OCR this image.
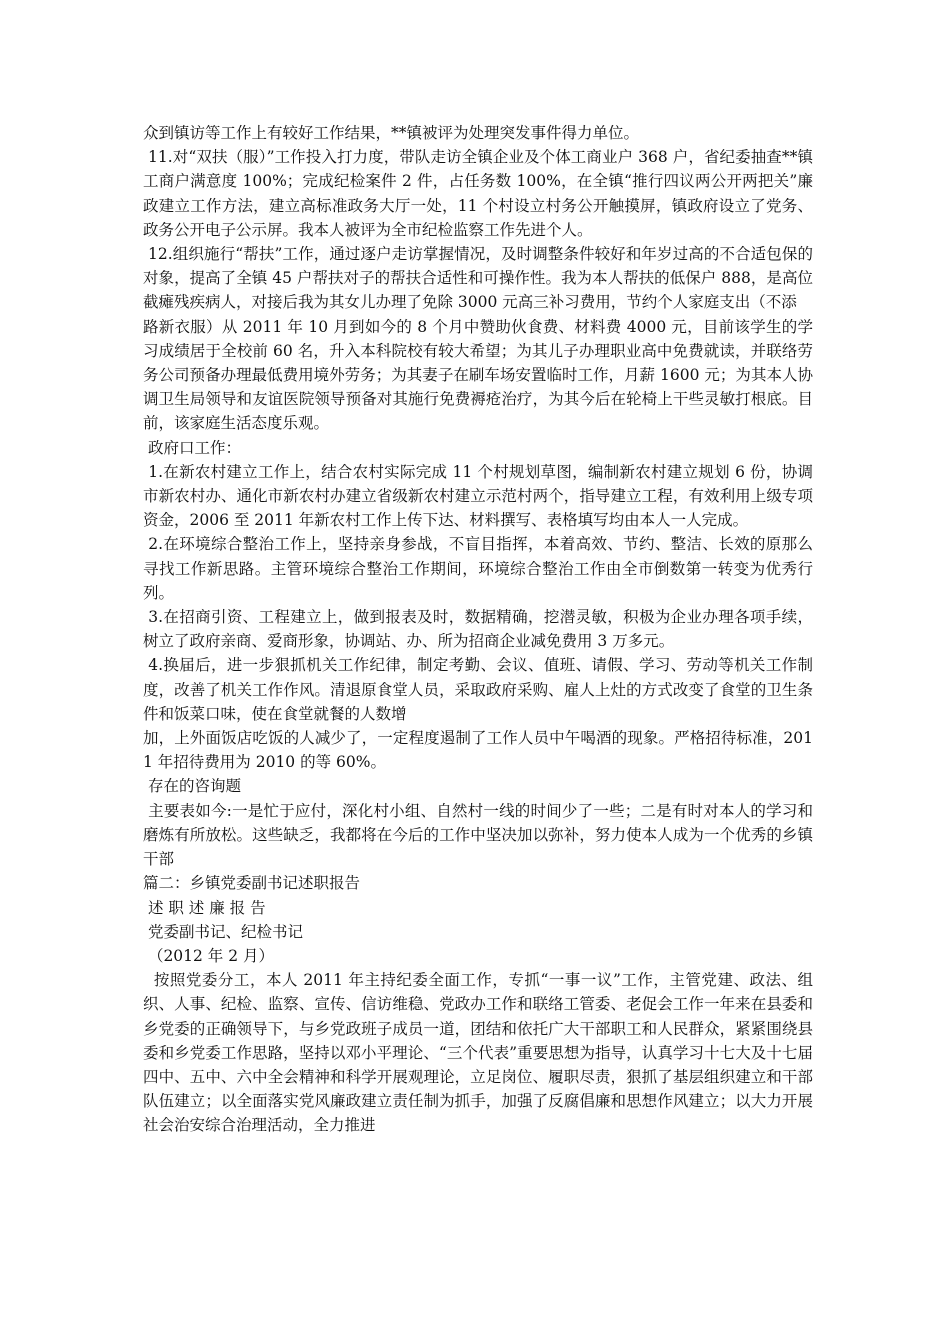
众到镇访等工作上有较好工作结果，**镇被评为处理突发事件得力单位。
11.对“双扶（服）”工作投入打力度，带队走访全镇企业及个体工商业户 368 户，省纪委抽查**镇工商户满意度 100%；完成纪检案件 2 件，占任务数 100%，在全镇“推行四议两公开两把关”廉政建立工作方法，建立高标准政务大厅一处，11 个村设立村务公开触摸屏，镇政府设立了党务、政务公开电子公示屏。我本人被评为全市纪检监察工作先进个人。
12.组织施行“帮扶”工作，通过逐户走访掌握情况，及时调整条件较好和年岁过高的不合适包保的对象，提高了全镇 45 户帮扶对子的帮扶合适性和可操作性。我为本人帮扶的低保户 888，是高位截瘫残疾病人，对接后我为其女儿办理了免除 3000 元高三补习费用，节约个人家庭支出（不添
路新衣服）从 2011 年 10 月到如今的 8 个月中赞助伙食费、材料费 4000 元，目前该学生的学习成绩居于全校前 60 名，升入本科院校有较大希望；为其儿子办理职业高中免费就读，并联络劳务公司预备办理最低费用境外劳务；为其妻子在刷车场安置临时工作，月薪 1600 元；为其本人协调卫生局领导和友谊医院领导预备对其施行免费褥疮治疗，为其今后在轮椅上干些灵敏打根底。目前，该家庭生活态度乐观。
政府口工作：
1.在新农村建立工作上，结合农村实际完成 11 个村规划草图，编制新农村建立规划 6 份，协调市新农村办、通化市新农村办建立省级新农村建立示范村两个，指导建立工程，有效利用上级专项资金，2006 至 2011 年新农村工作上传下达、材料撰写、表格填写均由本人一人完成。
2.在环境综合整治工作上，坚持亲身参战，不盲目指挥，本着高效、节约、整洁、长效的原那么寻找工作新思路。主管环境综合整治工作期间，环境综合整治工作由全市倒数第一转变为优秀行列。
3.在招商引资、工程建立上，做到报表及时，数据精确，挖潜灵敏，积极为企业办理各项手续，树立了政府亲商、爱商形象，协调站、办、所为招商企业减免费用 3 万多元。
4.换届后，进一步狠抓机关工作纪律，制定考勤、会议、值班、请假、学习、劳动等机关工作制度，改善了机关工作作风。清退原食堂人员，采取政府采购、雇人上灶的方式改变了食堂的卫生条件和饭菜口味，使在食堂就餐的人数增
加，上外面饭店吃饭的人减少了，一定程度遏制了工作人员中午喝酒的现象。严格招待标准，2011 年招待费用为 2010 的等 60%。
存在的咨询题
主要表如今:一是忙于应付，深化村小组、自然村一线的时间少了一些；二是有时对本人的学习和磨炼有所放松。这些缺乏，我都将在今后的工作中坚决加以弥补，努力使本人成为一个优秀的乡镇干部
篇二：乡镇党委副书记述职报告
述 职 述 廉 报 告
党委副书记、纪检书记
（2012 年 2 月）
按照党委分工，本人 2011 年主持纪委全面工作，专抓“一事一议”工作，主管党建、政法、组织、人事、纪检、监察、宣传、信访维稳、党政办工作和联络工管委、老促会工作一年来在县委和乡党委的正确领导下，与乡党政班子成员一道，团结和依托广大干部职工和人民群众，紧紧围绕县委和乡党委工作思路，坚持以邓小平理论、“三个代表”重要思想为指导，认真学习十七大及十七届四中、五中、六中全会精神和科学开展观理论，立足岗位、履职尽责，狠抓了基层组织建立和干部队伍建立；以全面落实党风廉政建立责任制为抓手，加强了反腐倡廉和思想作风建立；以大力开展社会治安综合治理活动，全力推进
